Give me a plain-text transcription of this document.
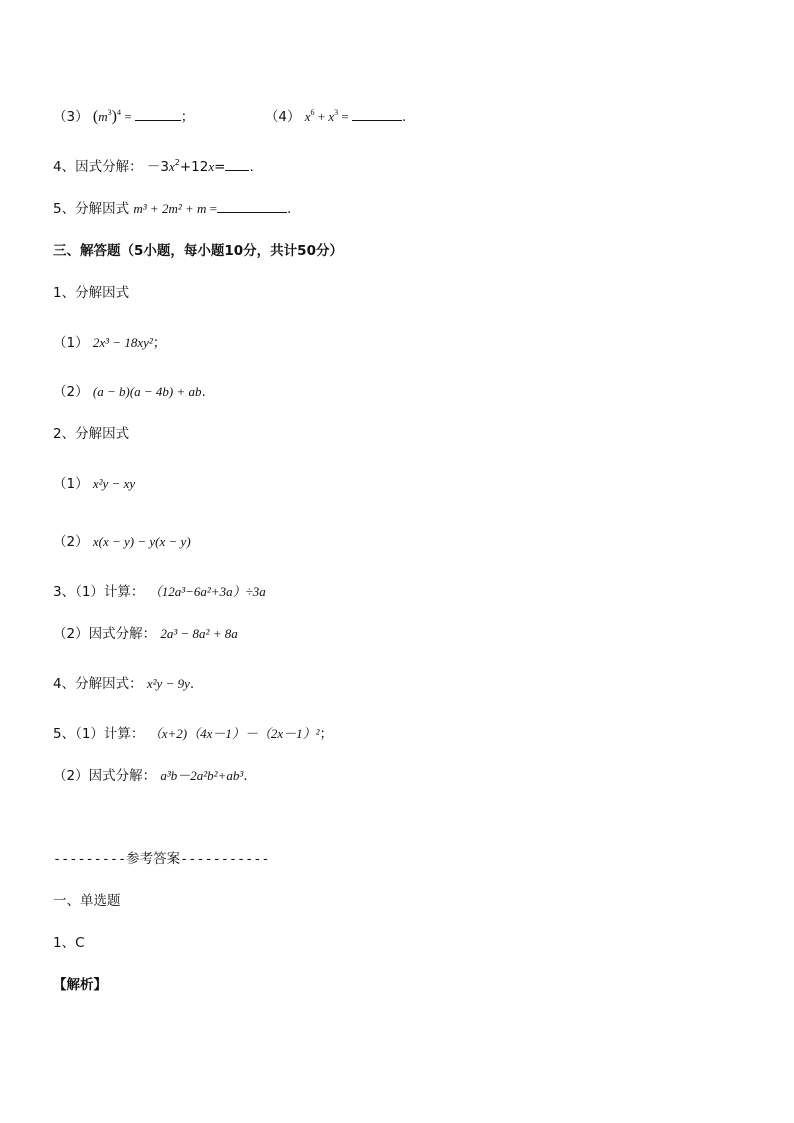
（3） $(m^3)^4$ =	；	（4） $x^6 + x^3$ =	.
4、因式分解： $-3x^2+12x=$ .
5、分解因式 m³ + 2m² + m =	.
三、解答题（5小题，每小题10分，共计50分）
1、分解因式
（1） 2x³ − 18xy²；
（2） (a − b)(a − 4b) + ab.
2、分解因式
（1） x²y − xy
（2） x(x − y) − y(x − y)
3、（1）计算： （12a³−6a²+3a）÷3a
（2）因式分解： 2a³ − 8a² + 8a
4、分解因式： x²y − 9y.
5、（1）计算： （x+2)（4x－1）－（2x－1）²；
（2）因式分解： a³b－2a²b²+ab³.
---------参考答案-----------
一、单选题
1、C
【解析】
